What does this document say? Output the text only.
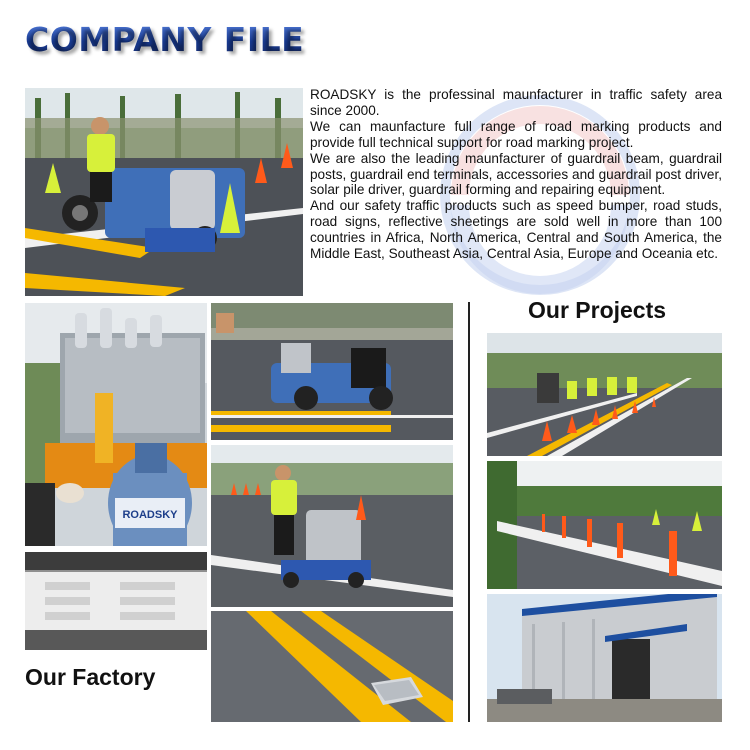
COMPANY FILE

ROADSKY is the professinal maunfacturer in traffic safety area since 2000.

We can maunfacture full range of road marking products and provide full technical support for road marking project.

We are also the leading maunfacturer of guardrail beam, guardrail posts, guardrail end terminals, accessories and guardrail post driver, solar pile driver, guardrail forming and repairing equipment.

And our safety traffic products such as speed bumper, road studs, road signs, reflective sheetings are sold well in more than 100 countries in Africa, North America, Central and South America, the Middle East, Southeast Asia, Central Asia, Europe and Oceania etc.

ROADSKY
Our Factory
Our Projects
